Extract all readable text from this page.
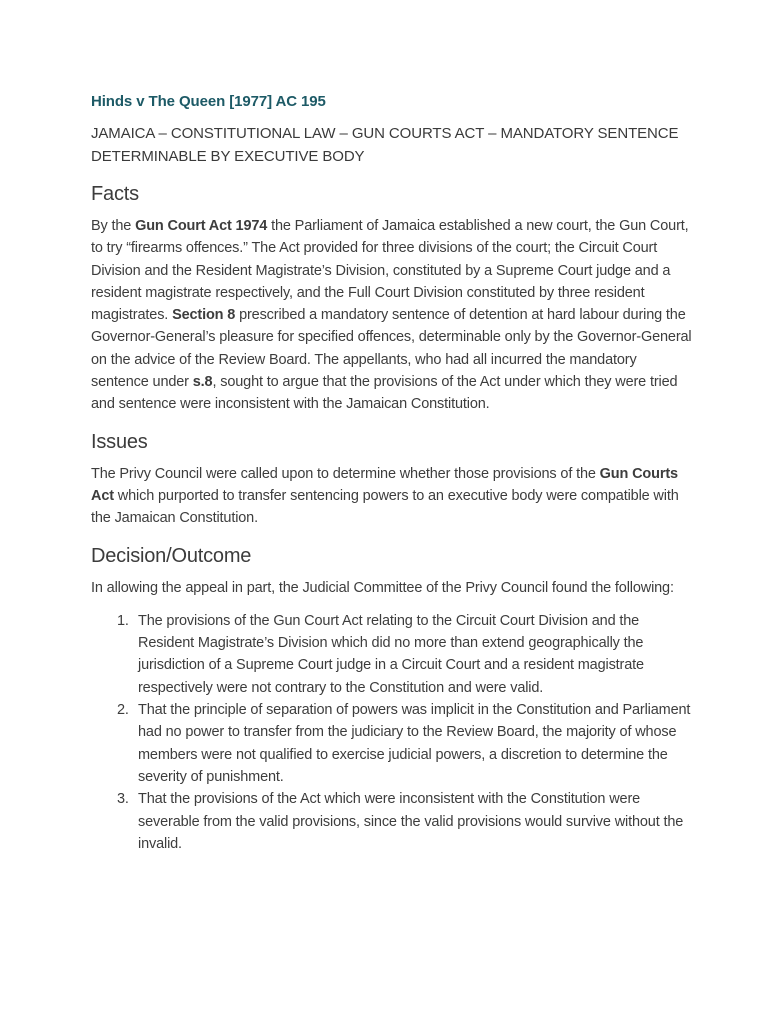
Hinds v The Queen [1977] AC 195
JAMAICA – CONSTITUTIONAL LAW – GUN COURTS ACT – MANDATORY SENTENCE DETERMINABLE BY EXECUTIVE BODY
Facts

By the Gun Court Act 1974 the Parliament of Jamaica established a new court, the Gun Court, to try “firearms offences.” The Act provided for three divisions of the court; the Circuit Court Division and the Resident Magistrate’s Division, constituted by a Supreme Court judge and a resident magistrate respectively, and the Full Court Division constituted by three resident magistrates. Section 8 prescribed a mandatory sentence of detention at hard labour during the Governor-General’s pleasure for specified offences, determinable only by the Governor-General on the advice of the Review Board. The appellants, who had all incurred the mandatory sentence under s.8, sought to argue that the provisions of the Act under which they were tried and sentence were inconsistent with the Jamaican Constitution.

Issues

The Privy Council were called upon to determine whether those provisions of the Gun Courts Act which purported to transfer sentencing powers to an executive body were compatible with the Jamaican Constitution.

Decision/Outcome

In allowing the appeal in part, the Judicial Committee of the Privy Council found the following:

1. The provisions of the Gun Court Act relating to the Circuit Court Division and the Resident Magistrate’s Division which did no more than extend geographically the jurisdiction of a Supreme Court judge in a Circuit Court and a resident magistrate respectively were not contrary to the Constitution and were valid.
2. That the principle of separation of powers was implicit in the Constitution and Parliament had no power to transfer from the judiciary to the Review Board, the majority of whose members were not qualified to exercise judicial powers, a discretion to determine the severity of punishment.
3. That the provisions of the Act which were inconsistent with the Constitution were severable from the valid provisions, since the valid provisions would survive without the invalid.
